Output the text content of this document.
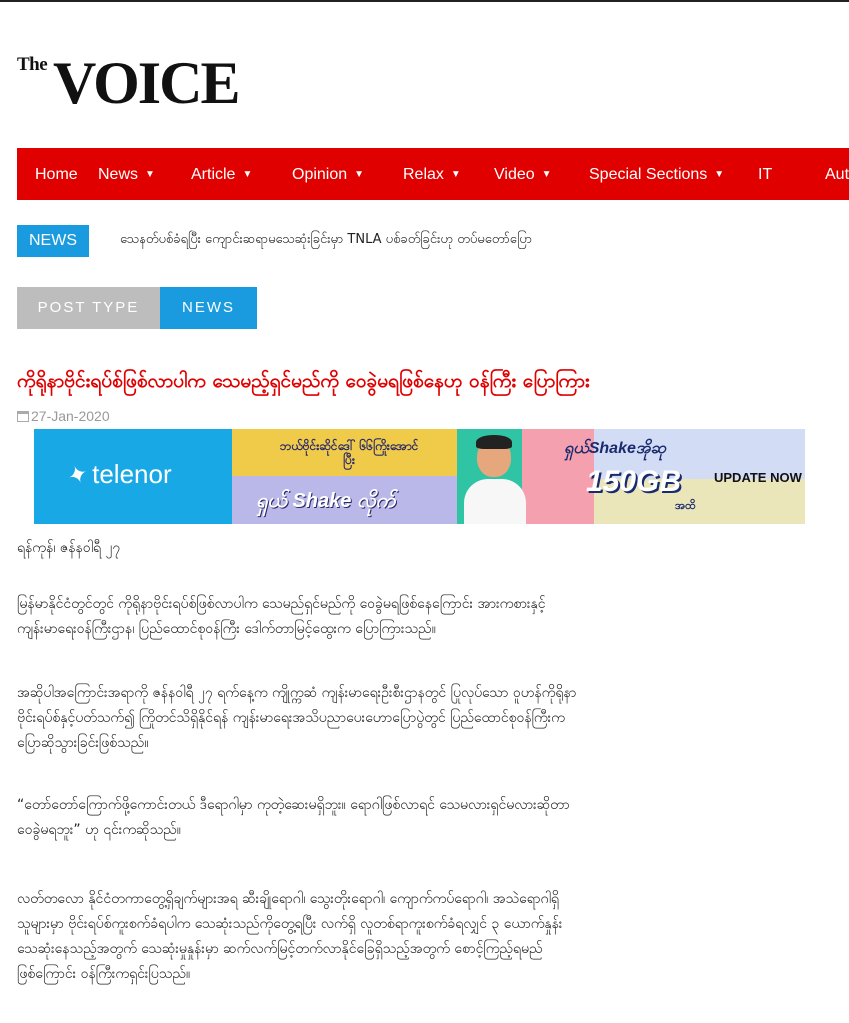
The VOICE
Home News ▼ Article ▼ Opinion ▼ Relax ▼ Video ▼ Special Sections ▼ IT	Aut
NEWS	သေနတ်ပစ်ခံရပြီး ကျောင်းဆရာမသေဆုံးခြင်းမှာ TNLA ပစ်ခတ်ခြင်းဟု တပ်မတော်ပြော
POST TYPE	NEWS
ကိုရိုနာဗိုင်းရပ်စ်ဖြစ်လာပါက သေမည့်ရှင်မည်ကို ဝေခွဲမရဖြစ်နေဟု ဝန်ကြီး ပြောကြား
27-Jan-2020
✦telenor
ဘယ်ဗိုင်းဆိုင်ဒေါ် ၆၆ကြိုးအောင်ပြီး
ရှယ် Shake လိုက်
ရှယ်Shakeအိုဆု
150GB
အထိ
UPDATE NOW

ရန်ကုန်၊ ဇန်နဝါရီ ၂၇

မြန်မာနိုင်ငံတွင်တွင် ကိုရိုနာဗိုင်းရပ်စ်ဖြစ်လာပါက သေမည်ရှင်မည်ကို ဝေခွဲမရဖြစ်နေကြောင်း အားကစားနှင့်
ကျန်းမာရေးဝန်ကြီးဌာန၊ ပြည်ထောင်စုဝန်ကြီး ဒေါက်တာမြင့်ထွေးက ပြောကြားသည်။

အဆိုပါအကြောင်းအရာကို ဇန်နဝါရီ ၂၇ ရက်နေ့က ကျိုက္ကဆံ ကျန်းမာရေးဦးစီးဌာနတွင် ပြုလုပ်သော ဝူဟန်ကိုရိုနာ
ဗိုင်းရပ်စ်နှင့်ပတ်သက်၍ ကြိုတင်သိရှိနိုင်ရန် ကျန်းမာရေးအသိပညာပေးဟောပြောပွဲတွင် ပြည်ထောင်စုဝန်ကြီးက
ပြောဆိုသွားခြင်းဖြစ်သည်။

“တော်တော်ကြောက်ဖို့ကောင်းတယ် ဒီရောဂါမှာ ကုတဲ့ဆေးမရှိဘူး။ ရောဂါဖြစ်လာရင် သေမလားရှင်မလားဆိုတာ
ဝေခွဲမရဘူး” ဟု ၎င်းကဆိုသည်။

လတ်တလော နိုင်ငံတကာတွေ့ရှိချက်များအရ ဆီးချိုရောဂါ၊ သွေးတိုးရောဂါ၊ ကျောက်ကပ်ရောဂါ၊ အသဲရောဂါရှိ
သူများမှာ ဗိုင်းရပ်စ်ကူးစက်ခံရပါက သေဆုံးသည်ကိုတွေ့ရပြီး လက်ရှိ လူတစ်ရာကူးစက်ခံရလျှင် ၃ ယောက်နှုန်း
သေဆုံးနေသည့်အတွက် သေဆုံးမှုနှုန်းမှာ ဆက်လက်မြင့်တက်လာနိုင်ခြေရှိသည့်အတွက် စောင့်ကြည့်ရမည်
ဖြစ်ကြောင်း ဝန်ကြီးကရှင်းပြသည်။
